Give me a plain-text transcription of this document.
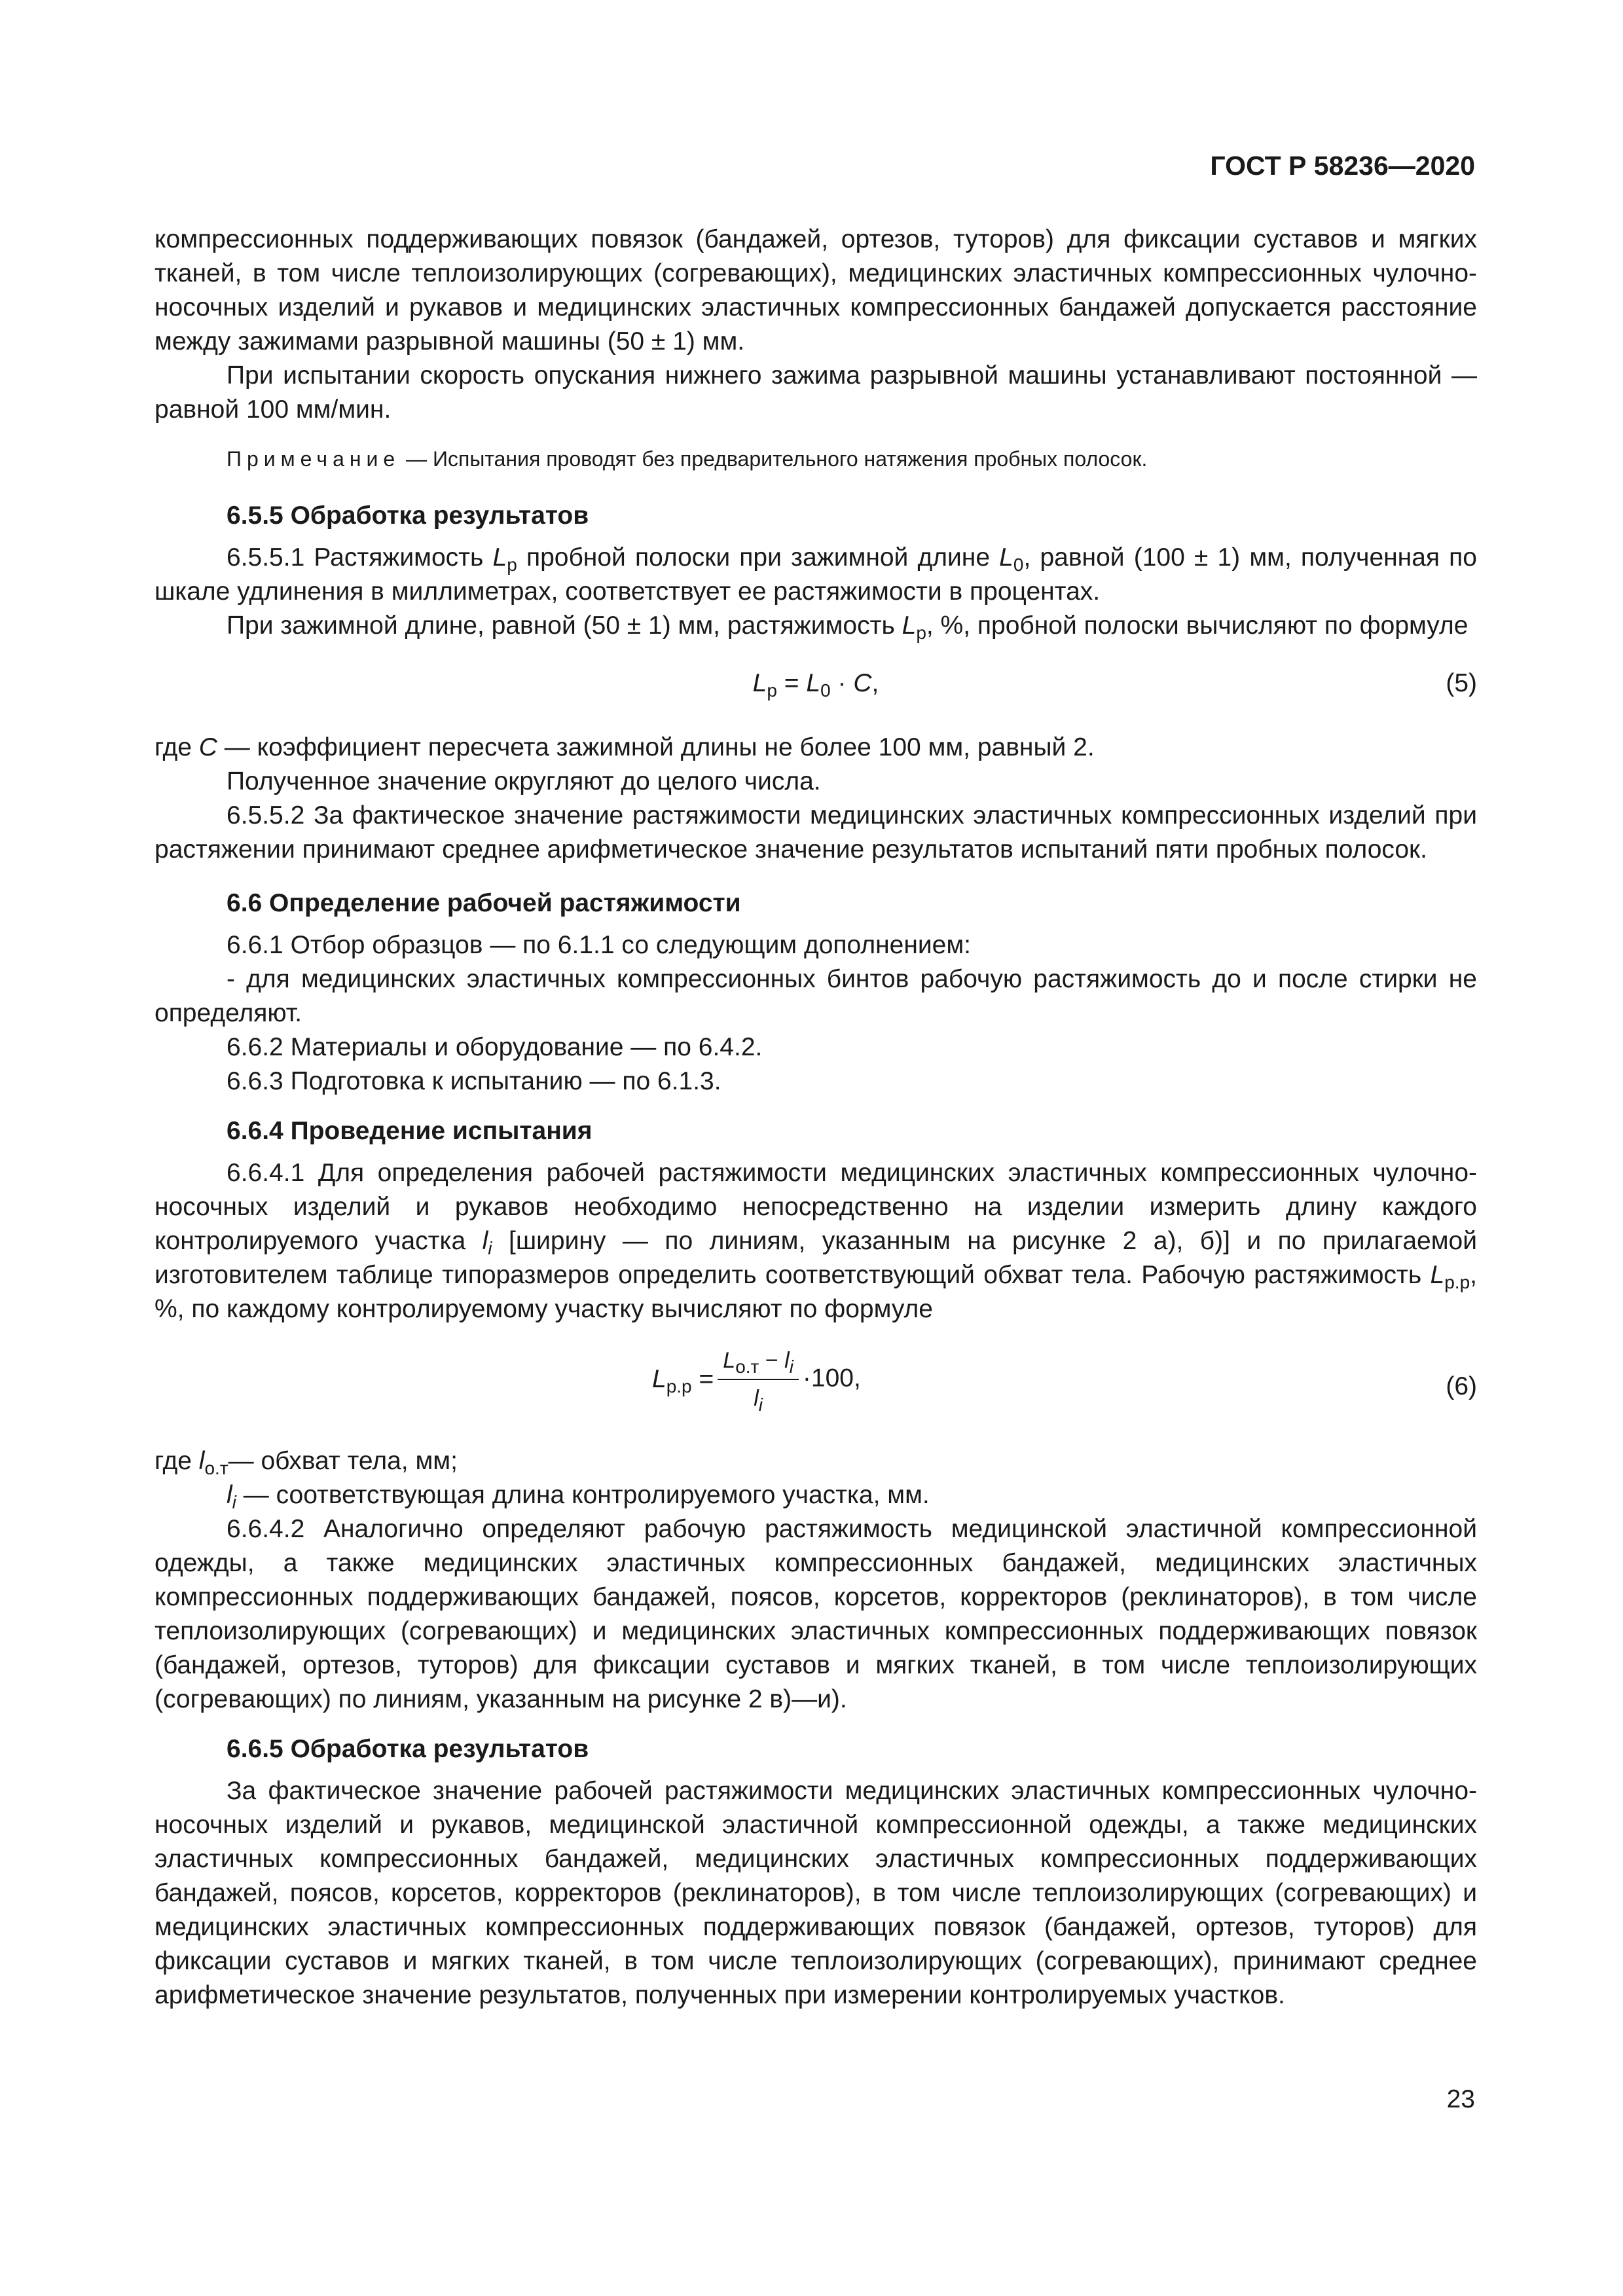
ГОСТ Р 58236—2020

компрессионных поддерживающих повязок (бандажей, ортезов, туторов) для фиксации суставов и мягких тканей, в том числе теплоизолирующих (согревающих), медицинских эластичных компрессионных чулочно-носочных изделий и рукавов и медицинских эластичных компрессионных бандажей допускается расстояние между зажимами разрывной машины (50 ± 1) мм.

При испытании скорость опускания нижнего зажима разрывной машины устанавливают постоянной — равной 100 мм/мин.

Примечание — Испытания проводят без предварительного натяжения пробных полосок.

6.5.5 Обработка результатов

6.5.5.1 Растяжимость $L_p$ пробной полоски при зажимной длине $L_0$, равной (100 ± 1) мм, полученная по шкале удлинения в миллиметрах, соответствует ее растяжимости в процентах.

При зажимной длине, равной (50 ± 1) мм, растяжимость $L_p$, %, пробной полоски вычисляют по формуле

$L_p = L_0 \cdot C$,	(5)

где C — коэффициент пересчета зажимной длины не более 100 мм, равный 2.

Полученное значение округляют до целого числа.

6.5.5.2 За фактическое значение растяжимости медицинских эластичных компрессионных изделий при растяжении принимают среднее арифметическое значение результатов испытаний пяти пробных полосок.

6.6 Определение рабочей растяжимости

6.6.1 Отбор образцов — по 6.1.1 со следующим дополнением:

- для медицинских эластичных компрессионных бинтов рабочую растяжимость до и после стирки не определяют.

6.6.2 Материалы и оборудование — по 6.4.2.

6.6.3 Подготовка к испытанию — по 6.1.3.

6.6.4 Проведение испытания

6.6.4.1 Для определения рабочей растяжимости медицинских эластичных компрессионных чулочно-носочных изделий и рукавов необходимо непосредственно на изделии измерить длину каждого контролируемого участка $l_i$ [ширину — по линиям, указанным на рисунке 2 а), б)] и по прилагаемой изготовителем таблице типоразмеров определить соответствующий обхват тела. Рабочую растяжимость $L_{р.р}$, %, по каждому контролируемому участку вычисляют по формуле

$L_{р.р} = \frac{L_{о.т} - l_i}{l_i} \cdot 100$,	(6)

где $l_{о.т}—$ обхват тела, мм;

$l_i$ — соответствующая длина контролируемого участка, мм.

6.6.4.2 Аналогично определяют рабочую растяжимость медицинской эластичной компрессионной одежды, а также медицинских эластичных компрессионных бандажей, медицинских эластичных компрессионных поддерживающих бандажей, поясов, корсетов, корректоров (реклинаторов), в том числе теплоизолирующих (согревающих) и медицинских эластичных компрессионных поддерживающих повязок (бандажей, ортезов, туторов) для фиксации суставов и мягких тканей, в том числе теплоизолирующих (согревающих) по линиям, указанным на рисунке 2 в)—и).

6.6.5 Обработка результатов

За фактическое значение рабочей растяжимости медицинских эластичных компрессионных чулочно-носочных изделий и рукавов, медицинской эластичной компрессионной одежды, а также медицинских эластичных компрессионных бандажей, медицинских эластичных компрессионных поддерживающих бандажей, поясов, корсетов, корректоров (реклинаторов), в том числе теплоизолирующих (согревающих) и медицинских эластичных компрессионных поддерживающих повязок (бандажей, ортезов, туторов) для фиксации суставов и мягких тканей, в том числе теплоизолирующих (согревающих), принимают среднее арифметическое значение результатов, полученных при измерении контролируемых участков.

23
